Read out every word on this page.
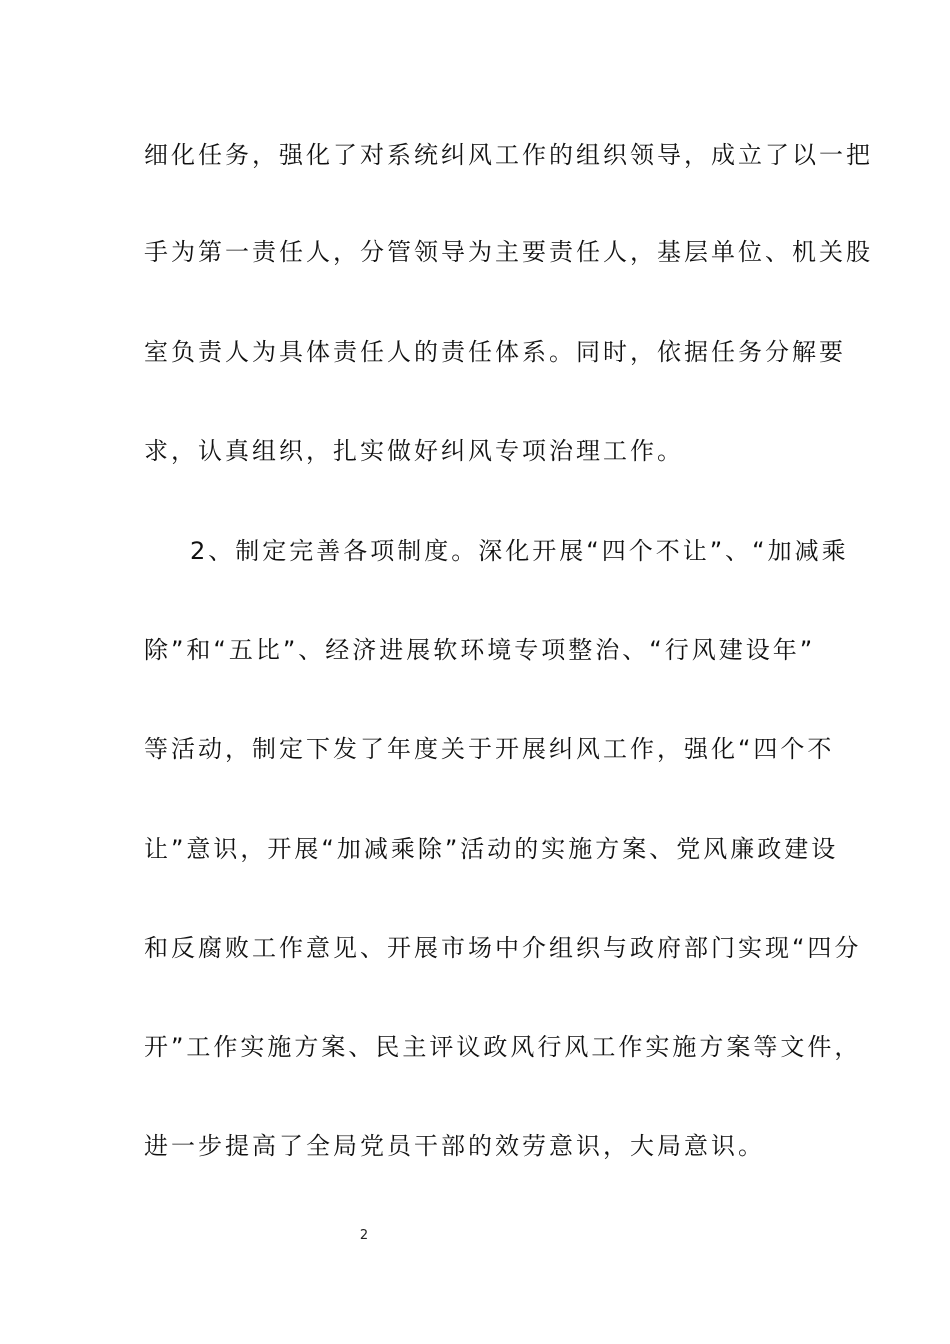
细化任务，强化了对系统纠风工作的组织领导，成立了以一把
手为第一责任人，分管领导为主要责任人，基层单位、机关股
室负责人为具体责任人的责任体系。同时，依据任务分解要
求，认真组织，扎实做好纠风专项治理工作。
2、制定完善各项制度。深化开展“四个不让”、“加减乘
除”和“五比”、经济进展软环境专项整治、“行风建设年”
等活动，制定下发了年度关于开展纠风工作，强化“四个不
让”意识，开展“加减乘除”活动的实施方案、党风廉政建设
和反腐败工作意见、开展市场中介组织与政府部门实现“四分
开”工作实施方案、民主评议政风行风工作实施方案等文件，
进一步提高了全局党员干部的效劳意识，大局意识。
2
